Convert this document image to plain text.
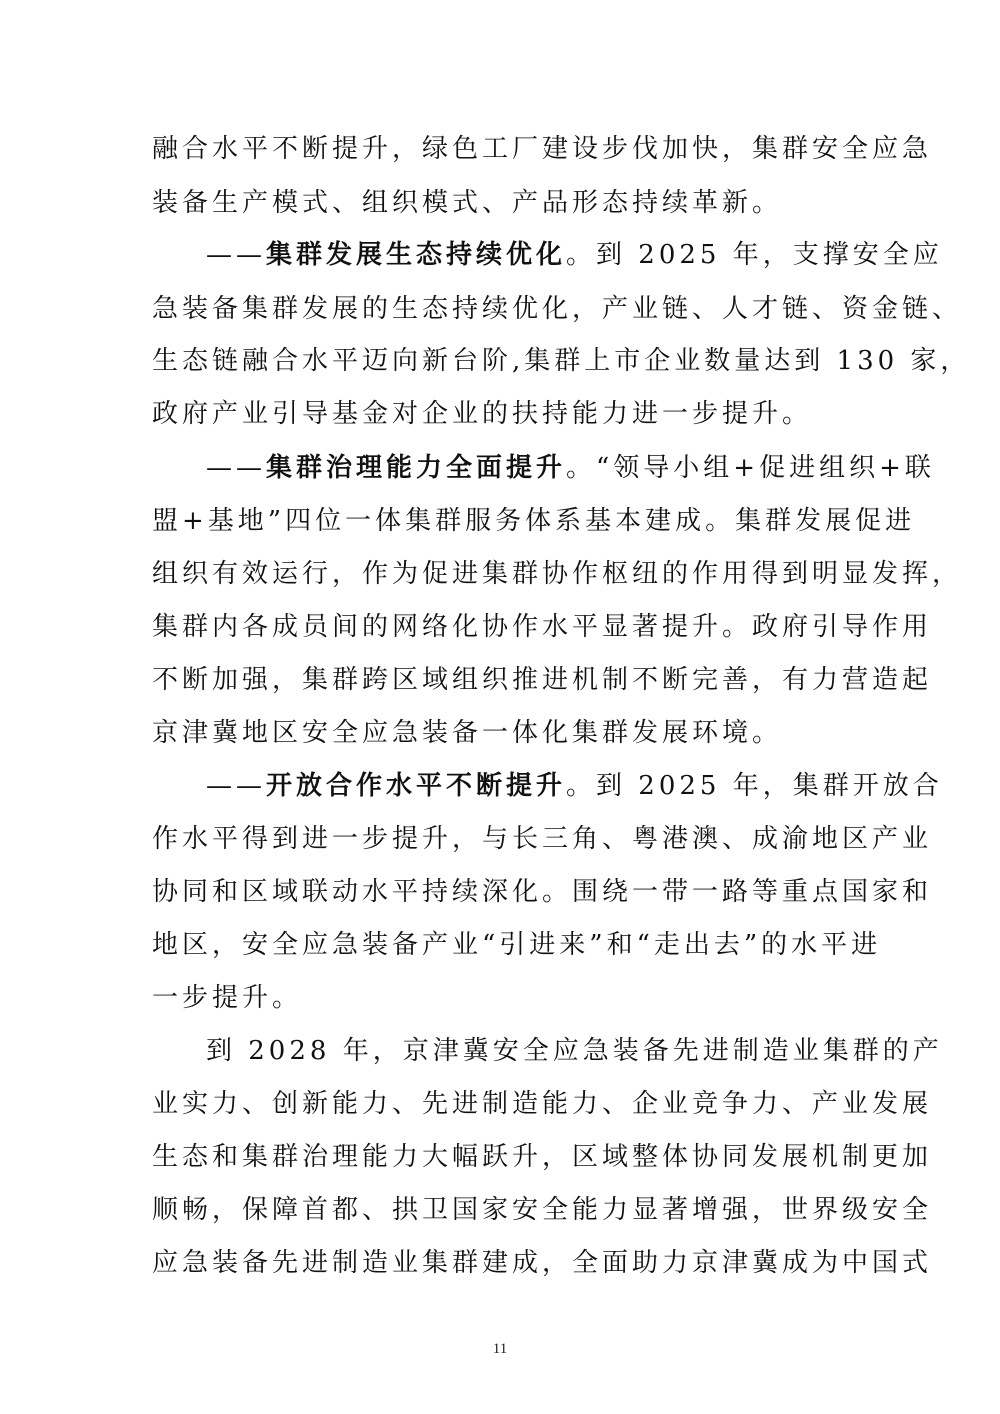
融合水平不断提升，绿色工厂建设步伐加快，集群安全应急
装备生产模式、组织模式、产品形态持续革新。
——集群发展生态持续优化。到 2025 年，支撑安全应
急装备集群发展的生态持续优化，产业链、人才链、资金链、
生态链融合水平迈向新台阶,集群上市企业数量达到 130 家，
政府产业引导基金对企业的扶持能力进一步提升。
——集群治理能力全面提升。“领导小组+促进组织+联
盟+基地”四位一体集群服务体系基本建成。集群发展促进
组织有效运行，作为促进集群协作枢纽的作用得到明显发挥，
集群内各成员间的网络化协作水平显著提升。政府引导作用
不断加强，集群跨区域组织推进机制不断完善，有力营造起
京津冀地区安全应急装备一体化集群发展环境。
——开放合作水平不断提升。到 2025 年，集群开放合
作水平得到进一步提升，与长三角、粤港澳、成渝地区产业
协同和区域联动水平持续深化。围绕一带一路等重点国家和
地区，安全应急装备产业“引进来”和“走出去”的水平进
一步提升。
到 2028 年，京津冀安全应急装备先进制造业集群的产
业实力、创新能力、先进制造能力、企业竞争力、产业发展
生态和集群治理能力大幅跃升，区域整体协同发展机制更加
顺畅，保障首都、拱卫国家安全能力显著增强，世界级安全
应急装备先进制造业集群建成，全面助力京津冀成为中国式
11
